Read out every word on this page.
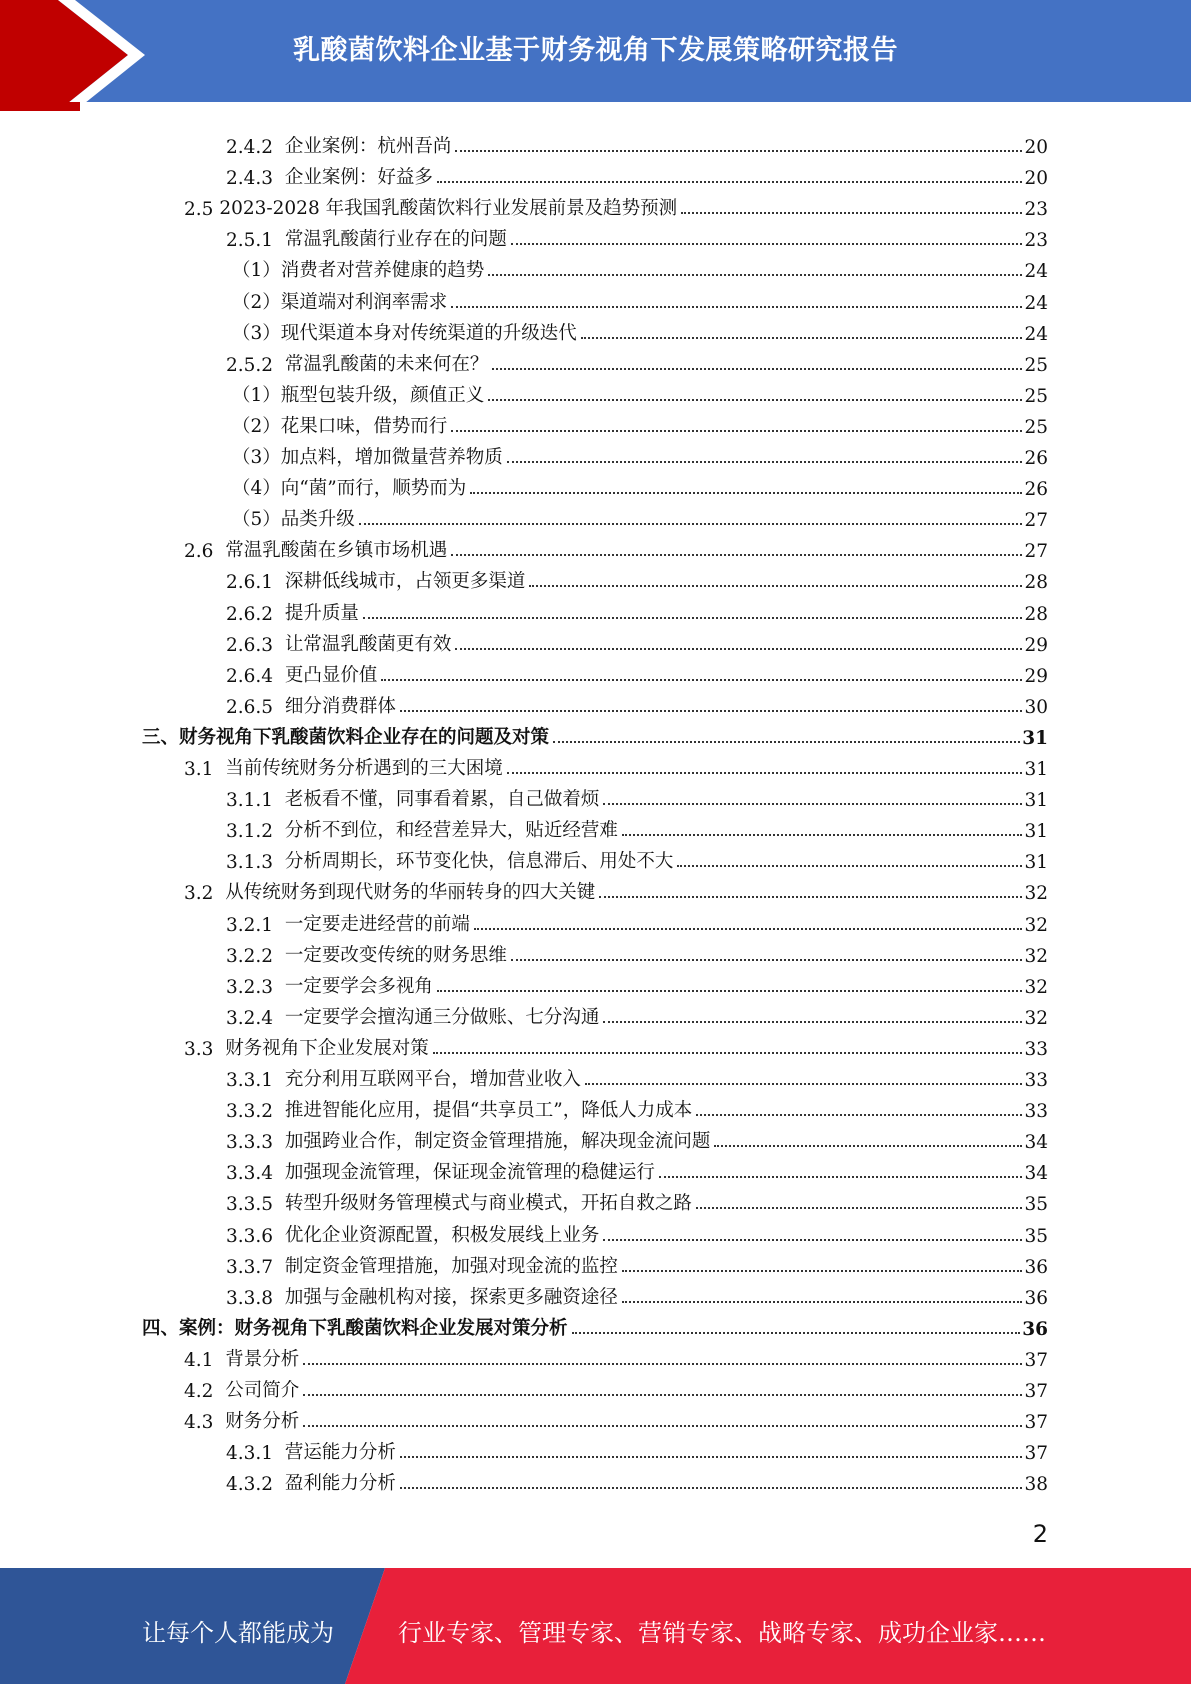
乳酸菌饮料企业基于财务视角下发展策略研究报告
2.4.2 企业案例：杭州吾尚	20
2.4.3 企业案例：好益多	20
2.5 2023-2028 年我国乳酸菌饮料行业发展前景及趋势预测	23
2.5.1 常温乳酸菌行业存在的问题	23
（1） 消费者对营养健康的趋势	24
（2） 渠道端对利润率需求	24
（3） 现代渠道本身对传统渠道的升级迭代	24
2.5.2 常温乳酸菌的未来何在？	25
（1） 瓶型包装升级，颜值正义	25
（2） 花果口味，借势而行	25
（3） 加点料，增加微量营养物质	26
（4） 向“菌”而行，顺势而为	26
（5） 品类升级	27
2.6 常温乳酸菌在乡镇市场机遇	27
2.6.1 深耕低线城市，占领更多渠道	28
2.6.2 提升质量	28
2.6.3 让常温乳酸菌更有效	29
2.6.4 更凸显价值	29
2.6.5 细分消费群体	30
三、 财务视角下乳酸菌饮料企业存在的问题及对策	31
3.1 当前传统财务分析遇到的三大困境	31
3.1.1 老板看不懂，同事看着累，自己做着烦	31
3.1.2 分析不到位，和经营差异大，贴近经营难	31
3.1.3 分析周期长，环节变化快，信息滞后、用处不大	31
3.2 从传统财务到现代财务的华丽转身的四大关键	32
3.2.1 一定要走进经营的前端	32
3.2.2 一定要改变传统的财务思维	32
3.2.3 一定要学会多视角	32
3.2.4 一定要学会擅沟通三分做账、七分沟通	32
3.3 财务视角下企业发展对策	33
3.3.1 充分利用互联网平台，增加营业收入	33
3.3.2 推进智能化应用，提倡“共享员工”，降低人力成本	33
3.3.3 加强跨业合作，制定资金管理措施，解决现金流问题	34
3.3.4 加强现金流管理，保证现金流管理的稳健运行	34
3.3.5 转型升级财务管理模式与商业模式，开拓自救之路	35
3.3.6 优化企业资源配置，积极发展线上业务	35
3.3.7 制定资金管理措施，加强对现金流的监控	36
3.3.8 加强与金融机构对接，探索更多融资途径	36
四、 案例：财务视角下乳酸菌饮料企业发展对策分析	36
4.1 背景分析	37
4.2 公司简介	37
4.3 财务分析	37
4.3.1 营运能力分析	37
4.3.2 盈利能力分析	38
2
让每个人都能成为	行业专家、管理专家、营销专家、战略专家、成功企业家……
